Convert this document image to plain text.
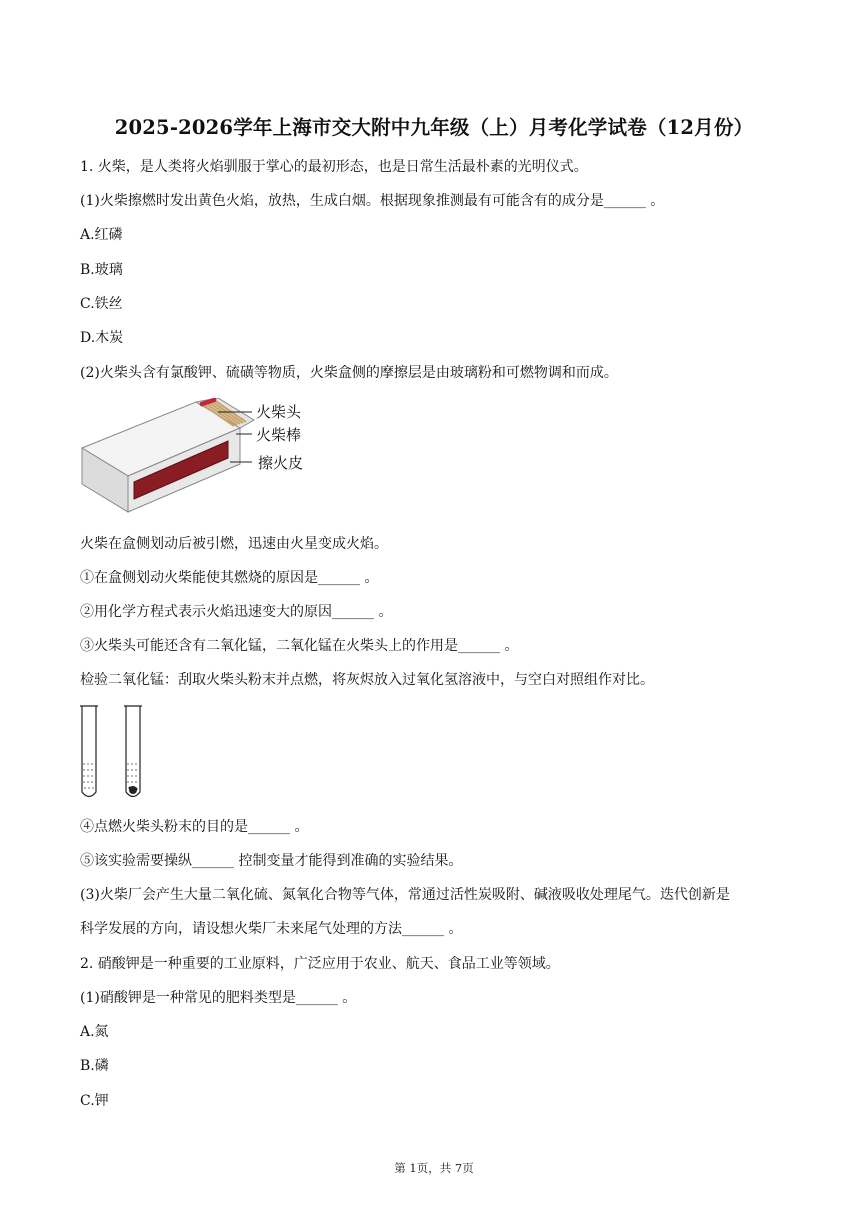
2025-2026学年上海市交大附中九年级（上）月考化学试卷（12月份）
1. 火柴，是人类将火焰驯服于掌心的最初形态，也是日常生活最朴素的光明仪式。
(1)火柴擦燃时发出黄色火焰，放热，生成白烟。根据现象推测最有可能含有的成分是______ 。
A.红磷
B.玻璃
C.铁丝
D.木炭
(2)火柴头含有氯酸钾、硫磺等物质，火柴盒侧的摩擦层是由玻璃粉和可燃物调和而成。
火柴头
火柴棒
擦火皮
火柴在盒侧划动后被引燃，迅速由火星变成火焰。
①在盒侧划动火柴能使其燃烧的原因是______ 。
②用化学方程式表示火焰迅速变大的原因______ 。
③火柴头可能还含有二氧化锰，二氧化锰在火柴头上的作用是______ 。
检验二氧化锰：刮取火柴头粉末并点燃，将灰烬放入过氧化氢溶液中，与空白对照组作对比。
④点燃火柴头粉末的目的是______ 。
⑤该实验需要操纵______ 控制变量才能得到准确的实验结果。
(3)火柴厂会产生大量二氧化硫、氮氧化合物等气体，常通过活性炭吸附、碱液吸收处理尾气。迭代创新是
科学发展的方向，请设想火柴厂未来尾气处理的方法______ 。
2. 硝酸钾是一种重要的工业原料，广泛应用于农业、航天、食品工业等领域。
(1)硝酸钾是一种常见的肥料类型是______ 。
A.氮
B.磷
C.钾
第 1页，共 7页
